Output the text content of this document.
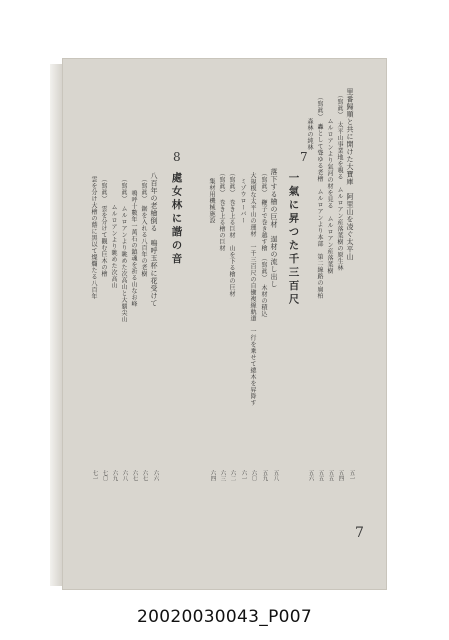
里番歸順と共に開けた大寶庫　阿里山を凌ぐ太平山
五一
（寫眞）　太平山事業地を覗る　ムルロアン産落葉樹の原生林
五四
ムルロアンより氣河の材を見る　ムルロアン産落葉樹
五五
（寫眞）　轟として聳ゆる老檜　ムルロアンより本部　第二線路の扁柏
五五
森林の純林
五六
7
一氣に昇つた千三百尺
落下する檜の巨材　逞材の流し出し
五八
（寫眞）　鞭子で巻き越す檜　（寫眞）　木材の積込
五九
大規模な太平山の運材　一千三百尺の自働複線軌道　一行を乗せて總木を昇降す
六〇
ミゾウローバー
六一
（寫眞）　巻き上る巨材　山を下る檜の巨材
六二
（寫眞）　巻き上る檜の巨材
六三
集材用機械施設
六四
8
處女林に諧の音
八百年の老檜倒る　鳴呼玉杯に花受けて
六六
（寫眞）　鋸を入れる八百年の老樹
六七
鳴呼十數年一萬石の鎮魂を祈る山なお峰
六七
（寫眞）　ムルロアンより眺めた次高山と大覇尖山
六八
ムルロアンより眺めた次高山
六九
（寫眞）　雲を分けて觀む巨木の檜
七〇
雲を分け大檜の蔭に黑以て燦爛たる八百年
七一
7
20020030043_P007
